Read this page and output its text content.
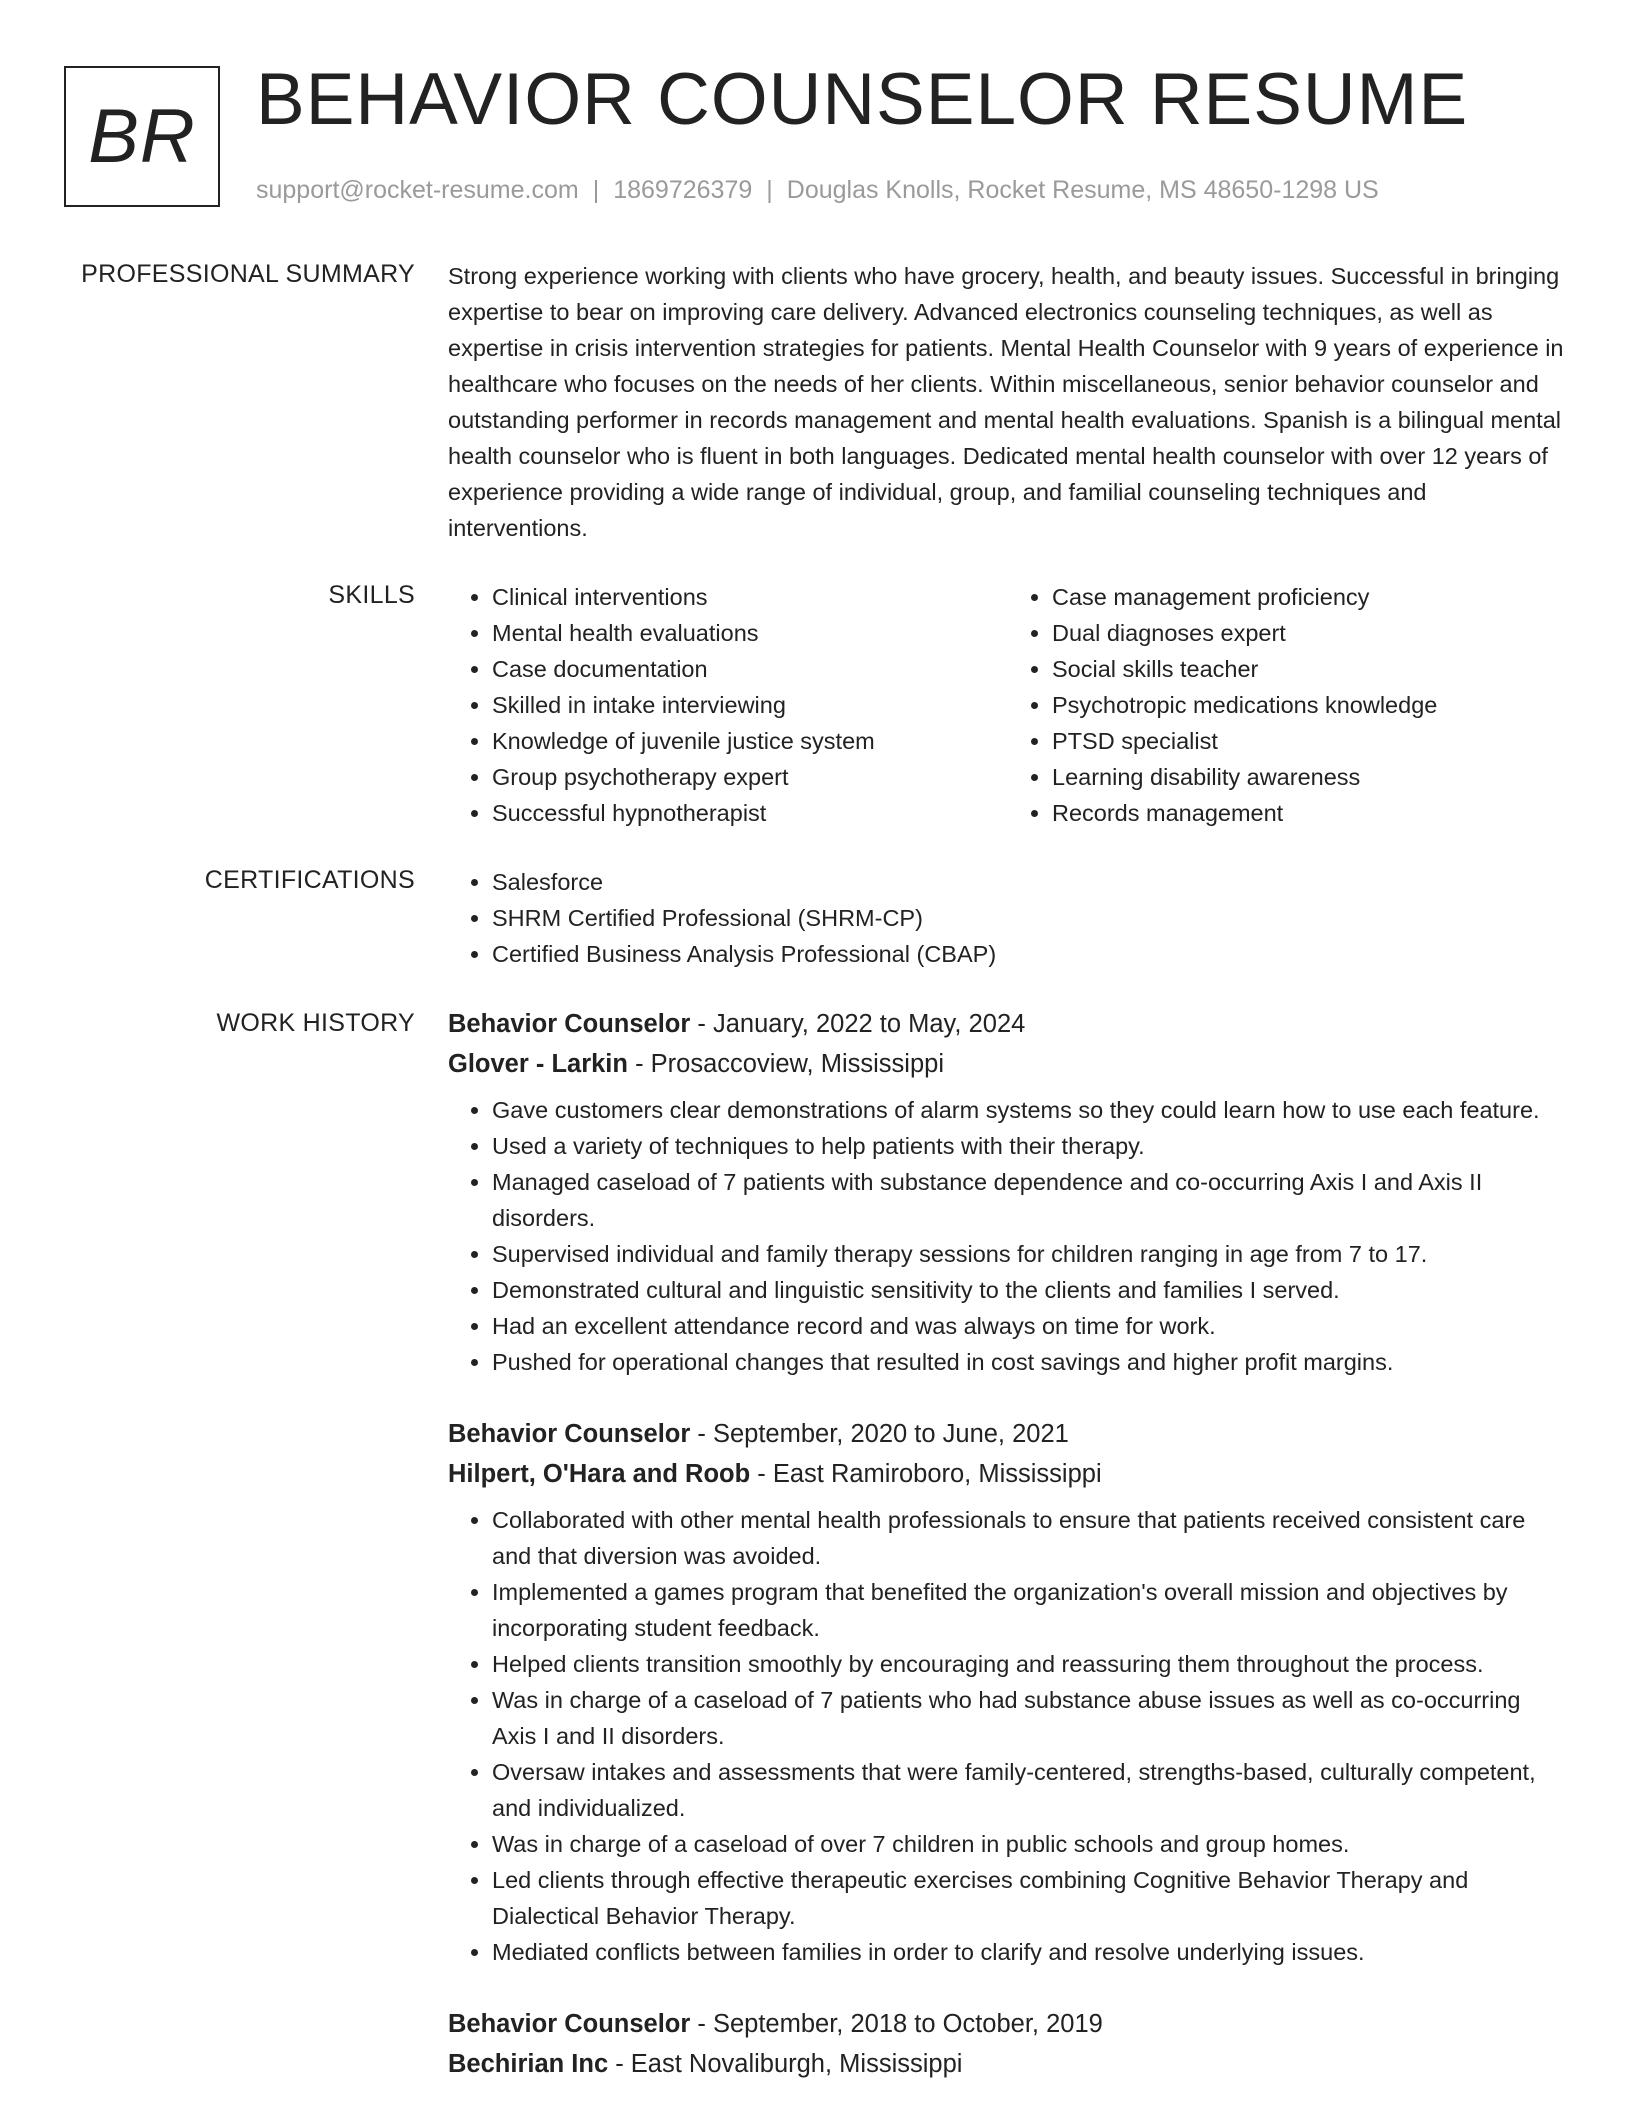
BR BEHAVIOR COUNSELOR RESUME
support@rocket-resume.com | 1869726379 | Douglas Knolls, Rocket Resume, MS 48650-1298 US
PROFESSIONAL SUMMARY Strong experience working with clients who have grocery, health, and beauty issues. Successful in bringing expertise to bear on improving care delivery. Advanced electronics counseling techniques, as well as expertise in crisis intervention strategies for patients. Mental Health Counselor with 9 years of experience in healthcare who focuses on the needs of her clients. Within miscellaneous, senior behavior counselor and outstanding performer in records management and mental health evaluations. Spanish is a bilingual mental health counselor who is fluent in both languages. Dedicated mental health counselor with over 12 years of experience providing a wide range of individual, group, and familial counseling techniques and interventions.

SKILLS	• Clinical interventions
• Mental health evaluations
• Case documentation
• Skilled in intake interviewing
• Knowledge of juvenile justice system
• Group psychotherapy expert
• Successful hypnotherapist
• Case management proficiency
• Dual diagnoses expert
• Social skills teacher
• Psychotropic medications knowledge
• PTSD specialist
• Learning disability awareness
• Records management
CERTIFICATIONS	• Salesforce
• SHRM Certified Professional (SHRM-CP)
• Certified Business Analysis Professional (CBAP)
WORK HISTORY Behavior Counselor - January, 2022 to May, 2024
Glover - Larkin - Prosaccoview, Mississippi
• Gave customers clear demonstrations of alarm systems so they could learn how to use each feature.
• Used a variety of techniques to help patients with their therapy.
• Managed caseload of 7 patients with substance dependence and co-occurring Axis I and Axis II disorders.
• Supervised individual and family therapy sessions for children ranging in age from 7 to 17.
• Demonstrated cultural and linguistic sensitivity to the clients and families I served.
• Had an excellent attendance record and was always on time for work.
• Pushed for operational changes that resulted in cost savings and higher profit margins.
Behavior Counselor - September, 2020 to June, 2021
Hilpert, O'Hara and Roob - East Ramiroboro, Mississippi
• Collaborated with other mental health professionals to ensure that patients received consistent care and that diversion was avoided.
• Implemented a games program that benefited the organization's overall mission and objectives by incorporating student feedback.
• Helped clients transition smoothly by encouraging and reassuring them throughout the process.
• Was in charge of a caseload of 7 patients who had substance abuse issues as well as co-occurring Axis I and II disorders.
• Oversaw intakes and assessments that were family-centered, strengths-based, culturally competent, and individualized.
• Was in charge of a caseload of over 7 children in public schools and group homes.
• Led clients through effective therapeutic exercises combining Cognitive Behavior Therapy and Dialectical Behavior Therapy.
• Mediated conflicts between families in order to clarify and resolve underlying issues.
Behavior Counselor - September, 2018 to October, 2019
Bechirian Inc - East Novaliburgh, Mississippi
